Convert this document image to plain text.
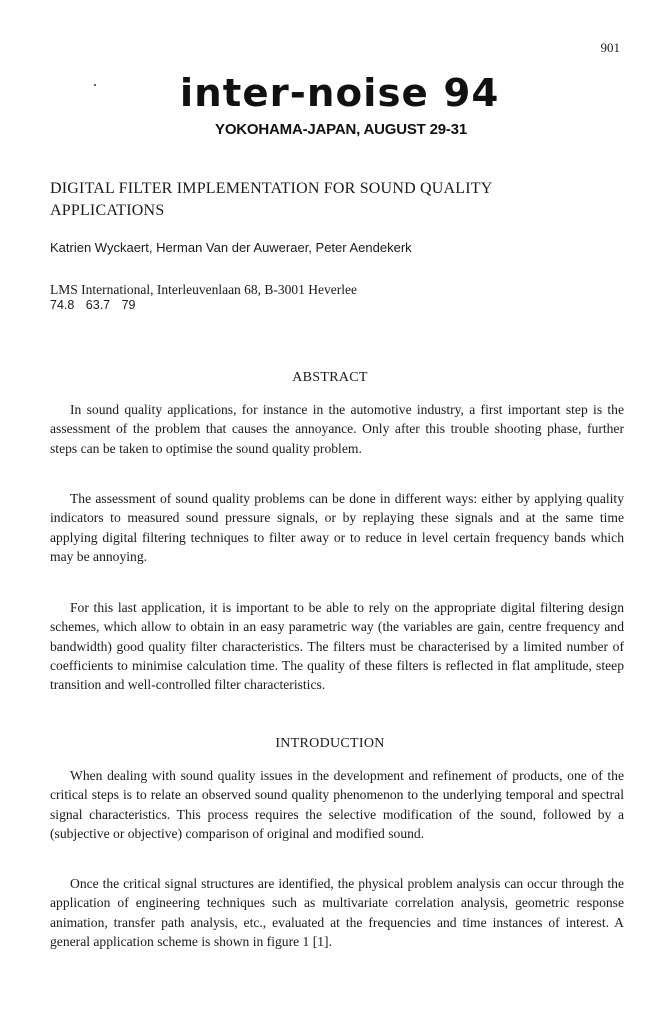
901
inter-noise 94
YOKOHAMA-JAPAN, AUGUST 29-31
DIGITAL FILTER IMPLEMENTATION FOR SOUND QUALITY
APPLICATIONS
Katrien Wyckaert, Herman Van der Auweraer, Peter Aendekerk
LMS International, Interleuvenlaan 68, B-3001 Heverlee
74.8 63.7 79
ABSTRACT

In sound quality applications, for instance in the automotive industry, a first important step is the assessment of the problem that causes the annoyance. Only after this trouble shooting phase, further steps can be taken to optimise the sound quality problem.

The assessment of sound quality problems can be done in different ways: either by applying quality indicators to measured sound pressure signals, or by replaying these signals and at the same time applying digital filtering techniques to filter away or to reduce in level certain frequency bands which may be annoying.

For this last application, it is important to be able to rely on the appropriate digital filtering design schemes, which allow to obtain in an easy parametric way (the variables are gain, centre frequency and bandwidth) good quality filter characteristics. The filters must be characterised by a limited number of coefficients to minimise calculation time. The quality of these filters is reflected in flat amplitude, steep transition and well-controlled filter characteristics.

INTRODUCTION

When dealing with sound quality issues in the development and refinement of products, one of the critical steps is to relate an observed sound quality phenomenon to the underlying temporal and spectral signal characteristics. This process requires the selective modification of the sound, followed by a (subjective or objective) comparison of original and modified sound.

Once the critical signal structures are identified, the physical problem analysis can occur through the application of engineering techniques such as multivariate correlation analysis, geometric response animation, transfer path analysis, etc., evaluated at the frequencies and time instances of interest. A general application scheme is shown in figure 1 [1].
